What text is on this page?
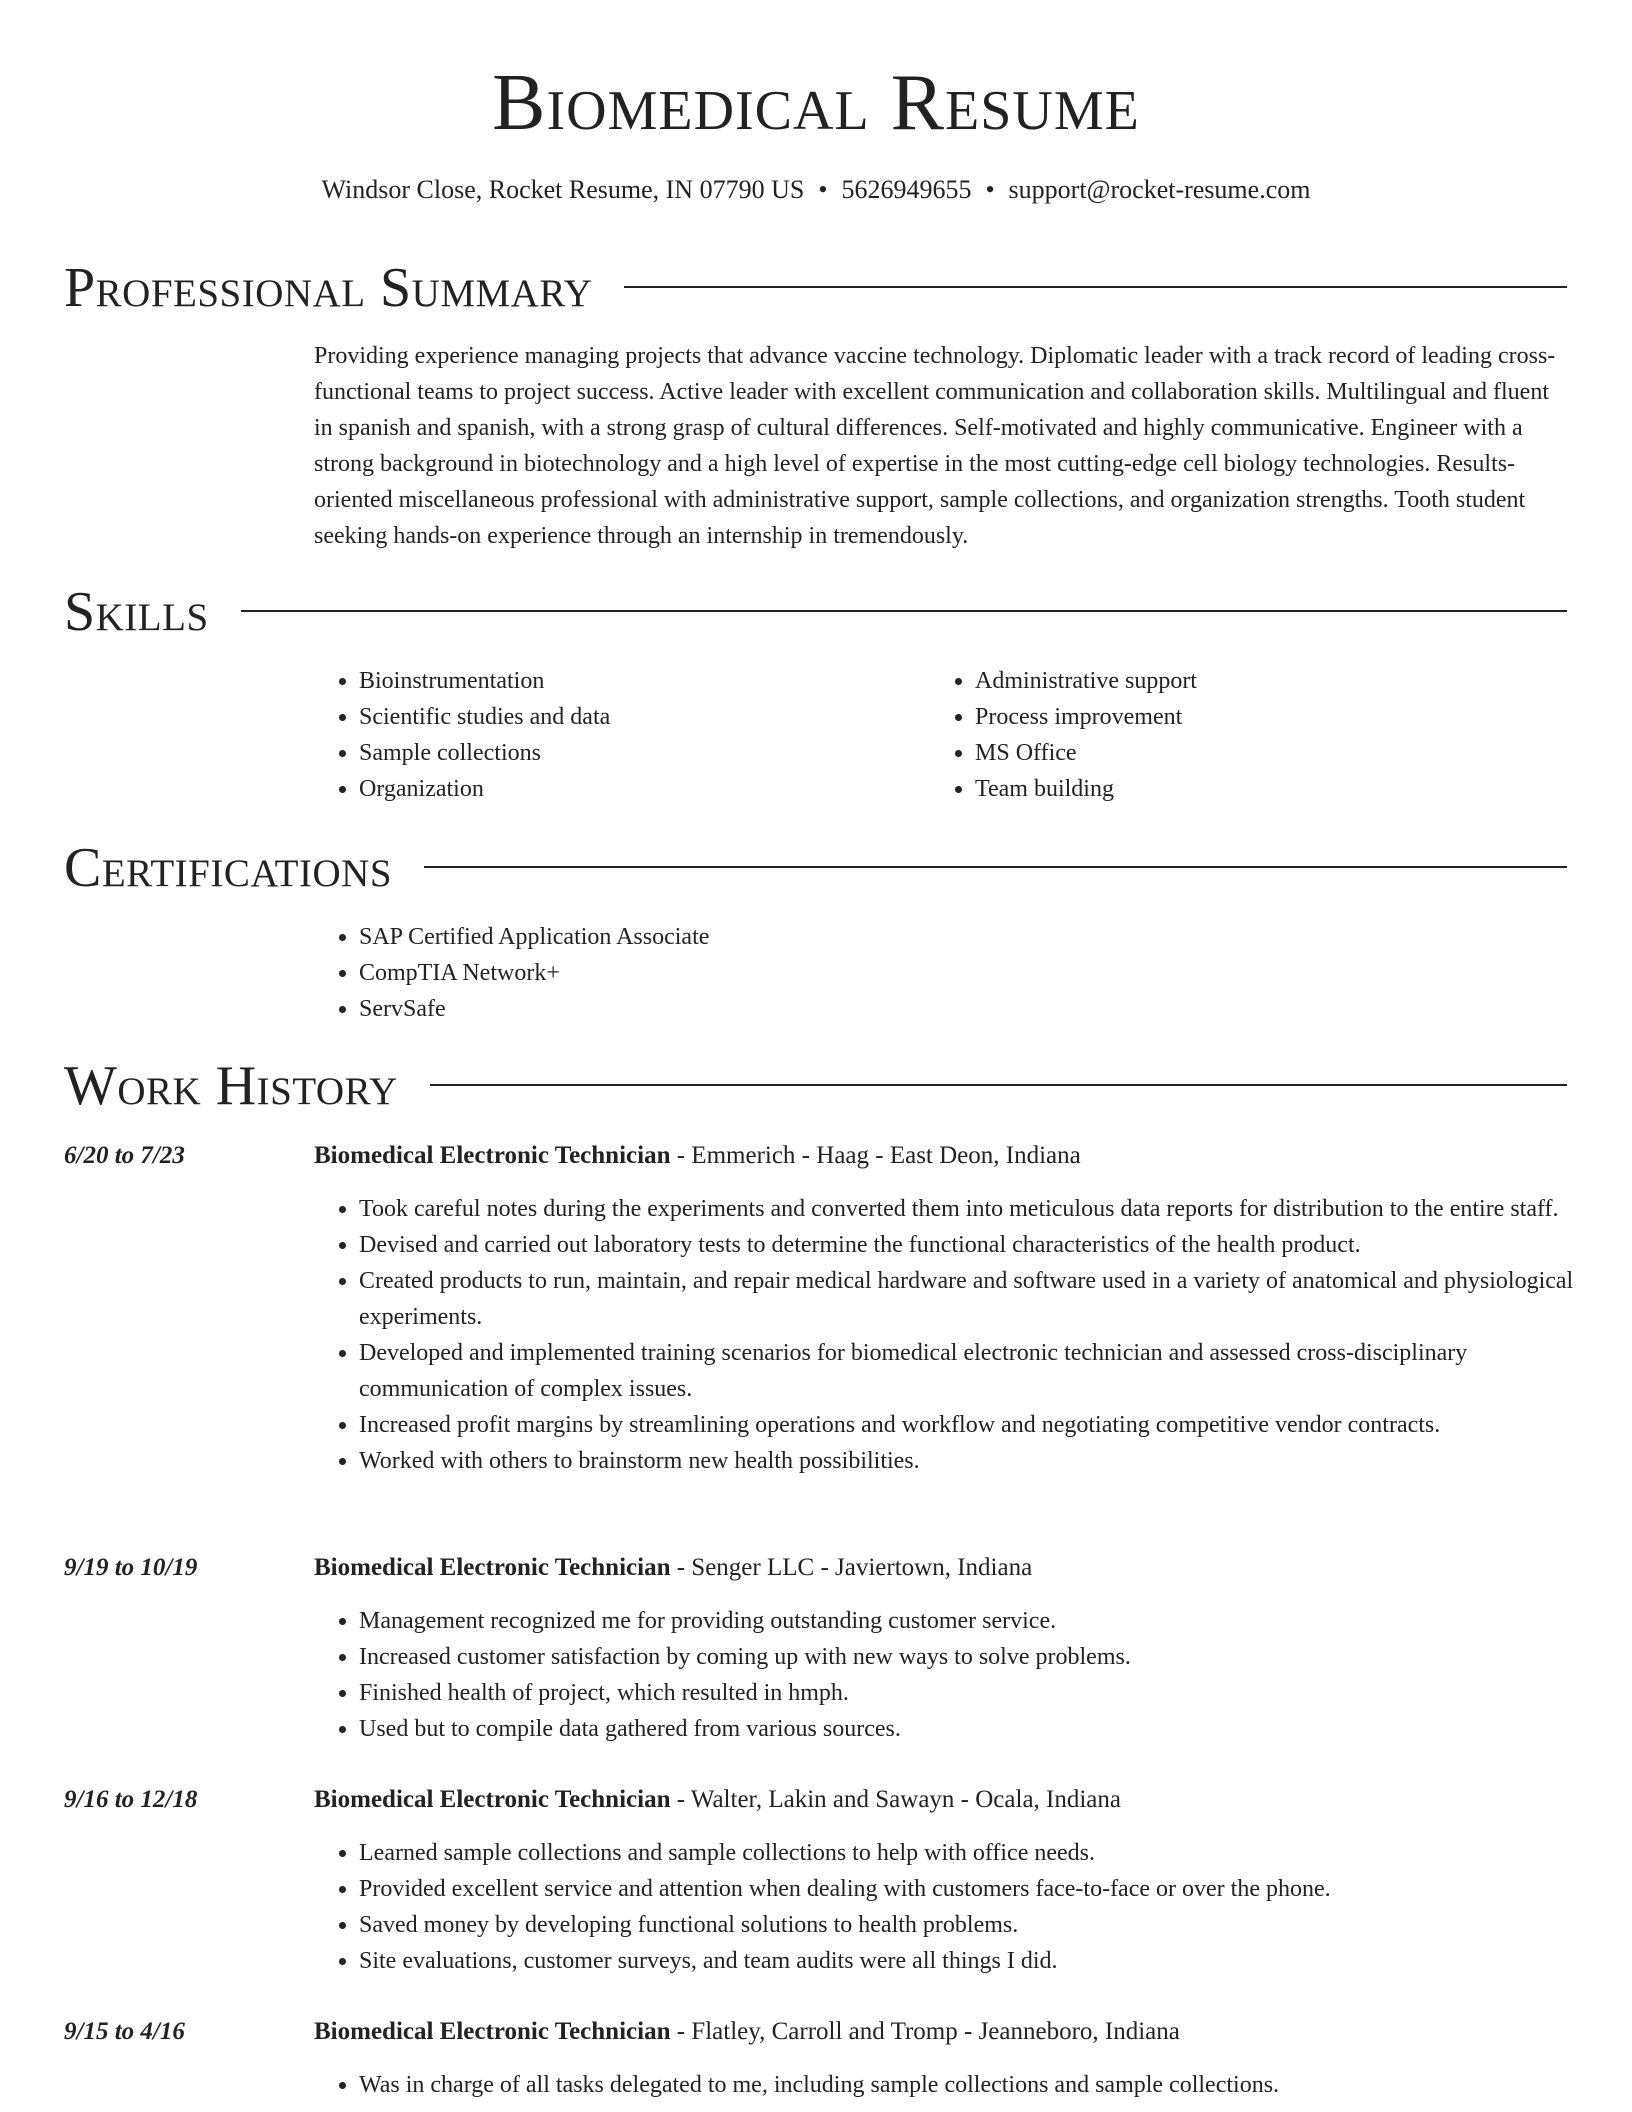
Biomedical Resume
Windsor Close, Rocket Resume, IN 07790 US • 5626949655 • support@rocket-resume.com
Professional Summary

Providing experience managing projects that advance vaccine technology. Diplomatic leader with a track record of leading cross-functional teams to project success. Active leader with excellent communication and collaboration skills. Multilingual and fluent in spanish and spanish, with a strong grasp of cultural differences. Self-motivated and highly communicative. Engineer with a strong background in biotechnology and a high level of expertise in the most cutting-edge cell biology technologies. Results-oriented miscellaneous professional with administrative support, sample collections, and organization strengths. Tooth student seeking hands-on experience through an internship in tremendously.

Skills
• Bioinstrumentation
• Scientific studies and data
• Sample collections
• Organization
• Administrative support
• Process improvement
• MS Office
• Team building
Certifications
• SAP Certified Application Associate
• CompTIA Network+
• ServSafe
Work History
6/20 to 7/23	Biomedical Electronic Technician - Emmerich - Haag - East Deon, Indiana
• Took careful notes during the experiments and converted them into meticulous data reports for distribution to the entire staff.
• Devised and carried out laboratory tests to determine the functional characteristics of the health product.
• Created products to run, maintain, and repair medical hardware and software used in a variety of anatomical and physiological experiments.
• Developed and implemented training scenarios for biomedical electronic technician and assessed cross-disciplinary communication of complex issues.
• Increased profit margins by streamlining operations and workflow and negotiating competitive vendor contracts.
• Worked with others to brainstorm new health possibilities.
9/19 to 10/19	Biomedical Electronic Technician - Senger LLC - Javiertown, Indiana
• Management recognized me for providing outstanding customer service.
• Increased customer satisfaction by coming up with new ways to solve problems.
• Finished health of project, which resulted in hmph.
• Used but to compile data gathered from various sources.
9/16 to 12/18	Biomedical Electronic Technician - Walter, Lakin and Sawayn - Ocala, Indiana
• Learned sample collections and sample collections to help with office needs.
• Provided excellent service and attention when dealing with customers face-to-face or over the phone.
• Saved money by developing functional solutions to health problems.
• Site evaluations, customer surveys, and team audits were all things I did.
9/15 to 4/16	Biomedical Electronic Technician - Flatley, Carroll and Tromp - Jeanneboro, Indiana
• Was in charge of all tasks delegated to me, including sample collections and sample collections.
